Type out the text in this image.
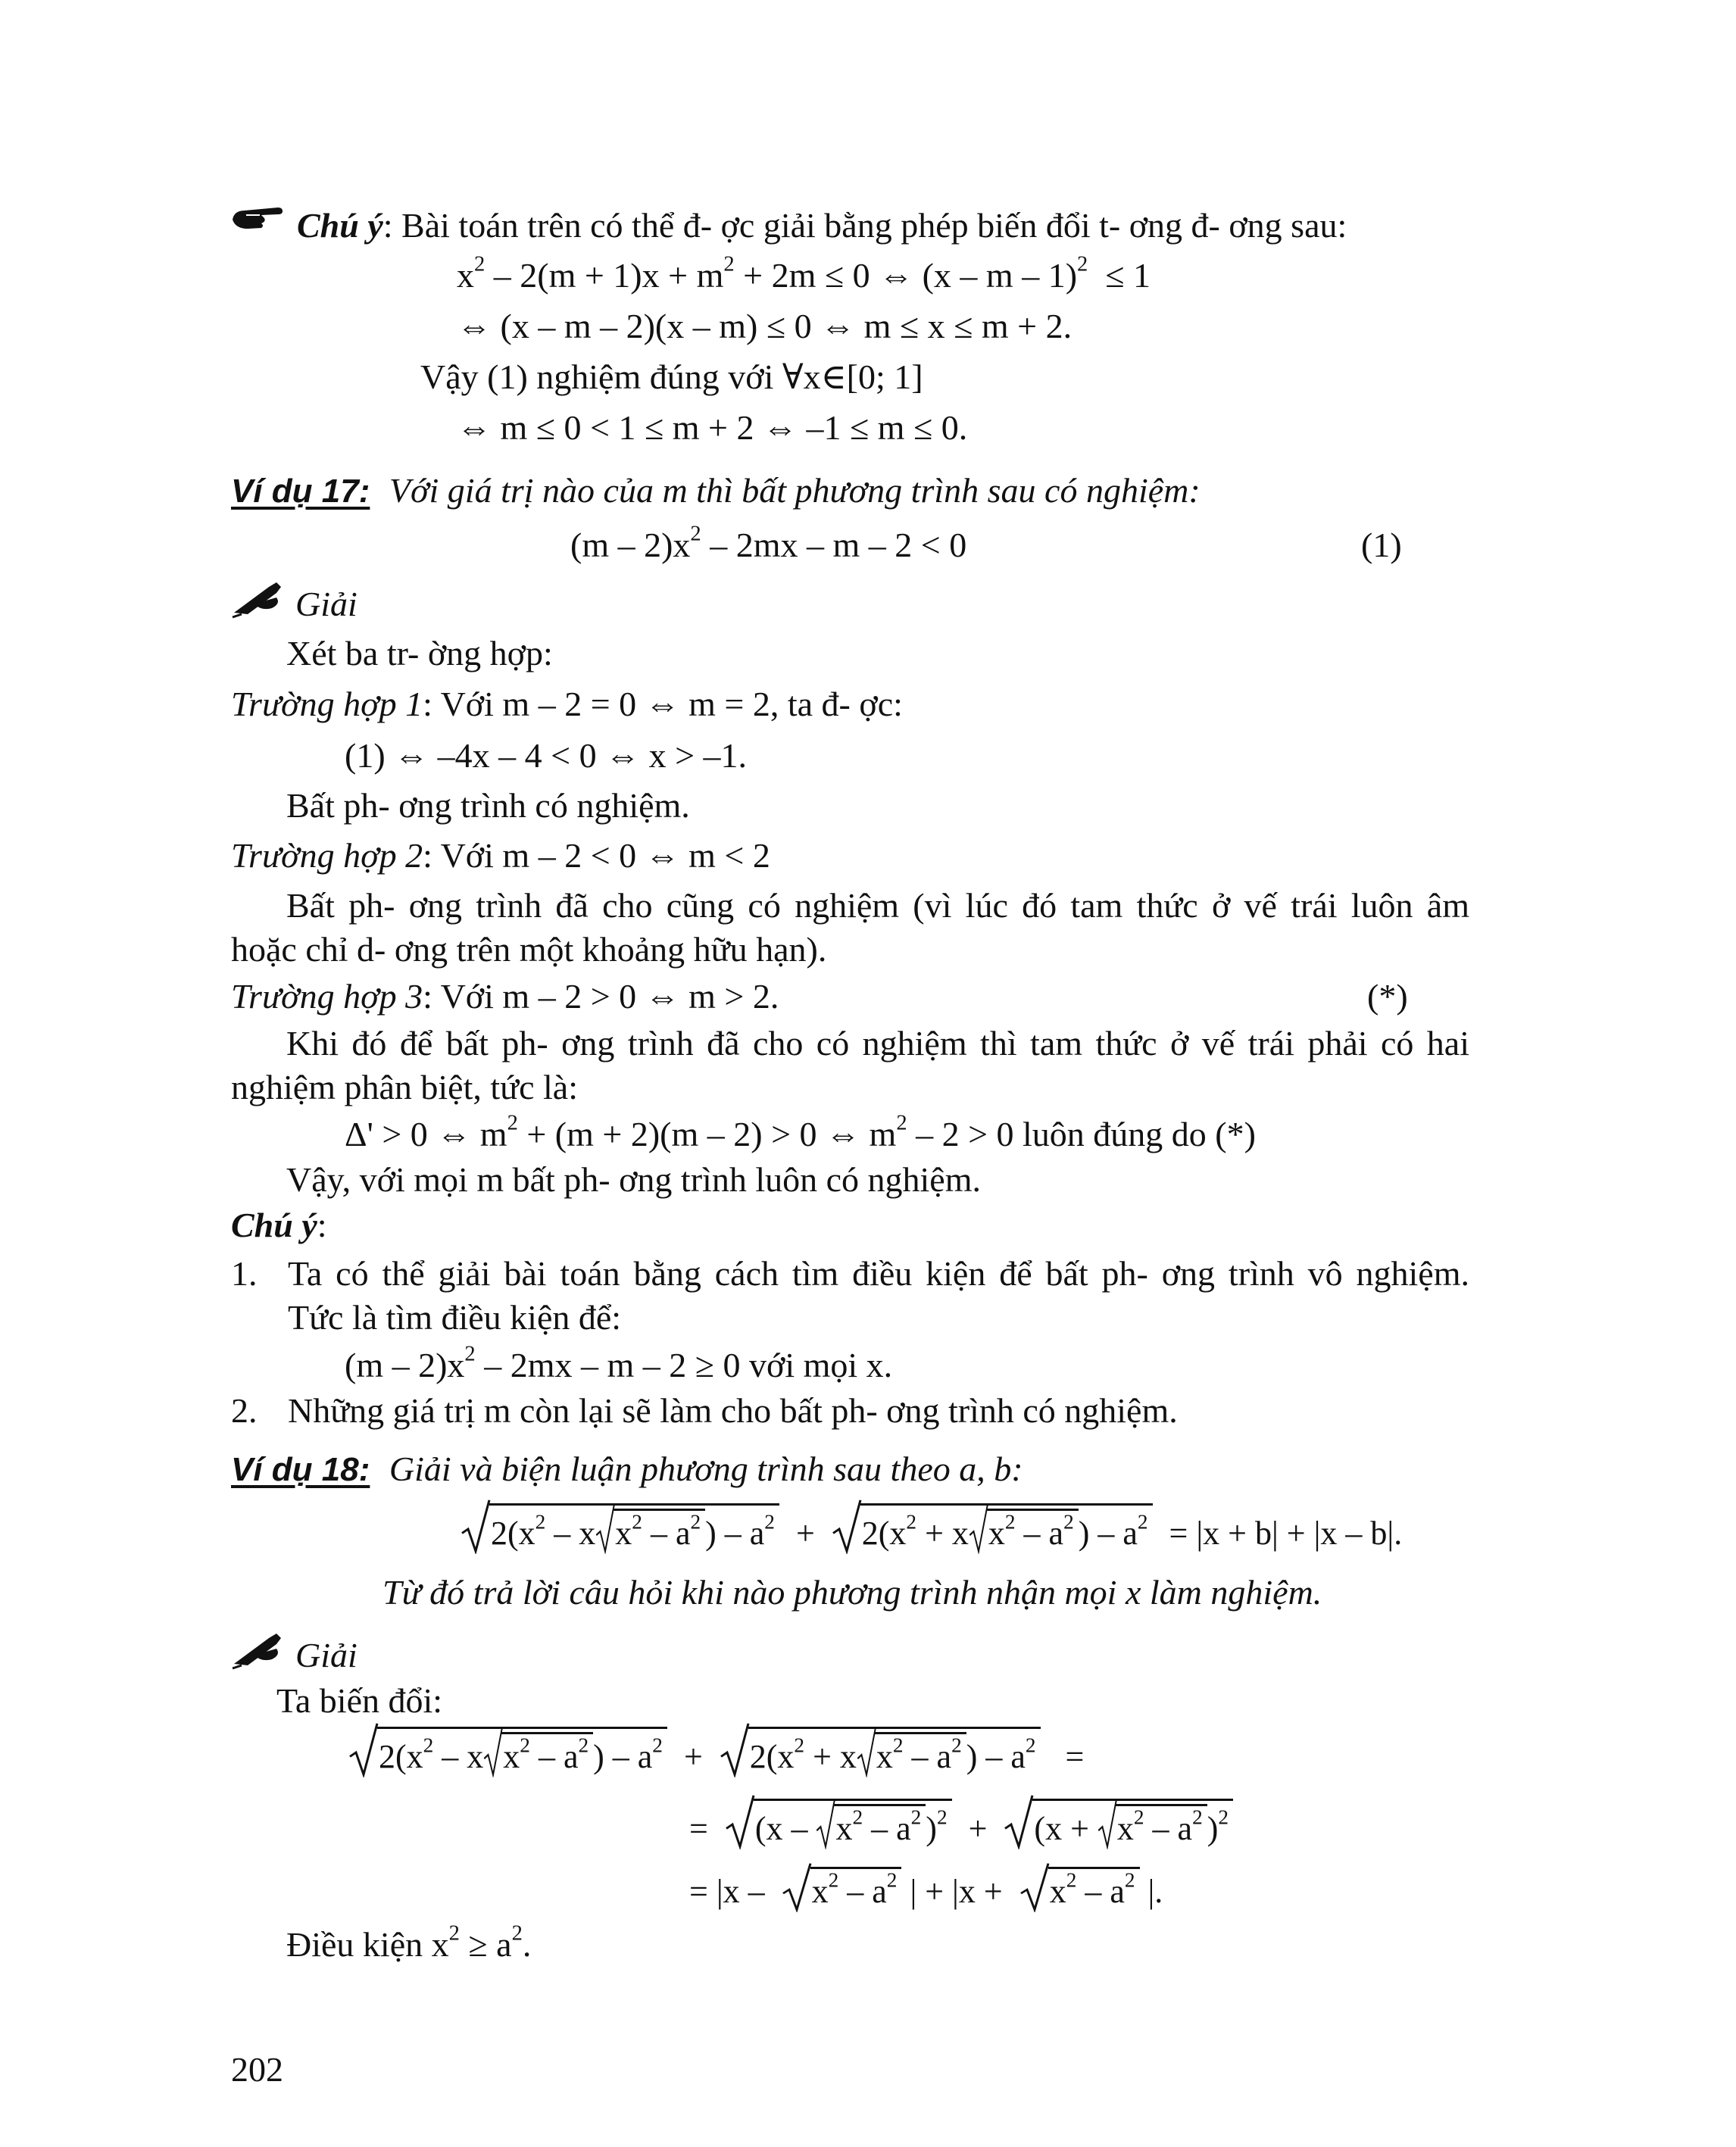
Chú ý: Bài toán trên có thể đ- ợc giải bằng phép biến đổi t- ơng đ- ơng sau:
$x^2 - 2(m + 1)x + m^2 + 2m \le 0$ ⇔ (x – m – 1)$^2$  ≤ 1
⇔ (x – m – 2)(x – m) ≤ 0 ⇔ m ≤ x ≤ m + 2.
Vậy (1) nghiệm đúng với ∀x∈[0; 1]
⇔ m ≤ 0 < 1 ≤ m + 2 ⇔ –1 ≤ m ≤ 0.
Ví dụ 17: Với giá trị nào của m thì bất phương trình sau có nghiệm:
$(m - 2)x^2 - 2mx - m - 2 < 0$	(1)
Giải
Xét ba tr- ờng hợp:
Trường hợp 1: Với m – 2 = 0 ⇔ m = 2, ta đ- ợc:
(1) ⇔ –4x – 4 < 0 ⇔ x > –1.
Bất ph- ơng trình có nghiệm.
Trường hợp 2: Với m – 2 < 0 ⇔ m < 2
Bất ph- ơng trình đã cho cũng có nghiệm (vì lúc đó tam thức ở vế trái luôn âm
hoặc chỉ d- ơng trên một khoảng hữu hạn).
Trường hợp 3: Với m – 2 > 0 ⇔ m > 2.	(*)
Khi đó để bất ph- ơng trình đã cho có nghiệm thì tam thức ở vế trái phải có hai
nghiệm phân biệt, tức là:
Δ' > 0 ⇔ $m^2 + (m + 2)(m - 2) > 0$ ⇔ $m^2 - 2 > 0$ luôn đúng do (*)
Vậy, với mọi m bất ph- ơng trình luôn có nghiệm.
Chú ý:
1. Ta có thể giải bài toán bằng cách tìm điều kiện để bất ph- ơng trình vô nghiệm.
Tức là tìm điều kiện để:
$(m - 2)x^2 - 2mx - m - 2 \ge 0$ với mọi x.
2. Những giá trị m còn lại sẽ làm cho bất ph- ơng trình có nghiệm.
Ví dụ 18: Giải và biện luận phương trình sau theo a, b:
$2(x^2$ – x $x^2 - a^2$ ) – $a^2$  +
$2(x^2 + x$ $x^2 - a^2$ ) – $a^2 = |x + b| + |x - b|$.
Từ đó trả lời câu hỏi khi nào phương trình nhận mọi x làm nghiệm.
Giải
Ta biến đổi:
$2(x^2$ – x $x^2 - a^2$ ) – $a^2$  +
$2(x^2 + x$ $x^2 - a^2$ ) – $a^2$   =
=
(x –
$x^2 - a^2$ )$^2$  +
(x +
$x^2 - a^2$ )$^2$
= |x –
$x^2 - a^2$ | + |x +
$x^2 - a^2$ |.
Điều kiện $x^2 \ge a^2$.
202
